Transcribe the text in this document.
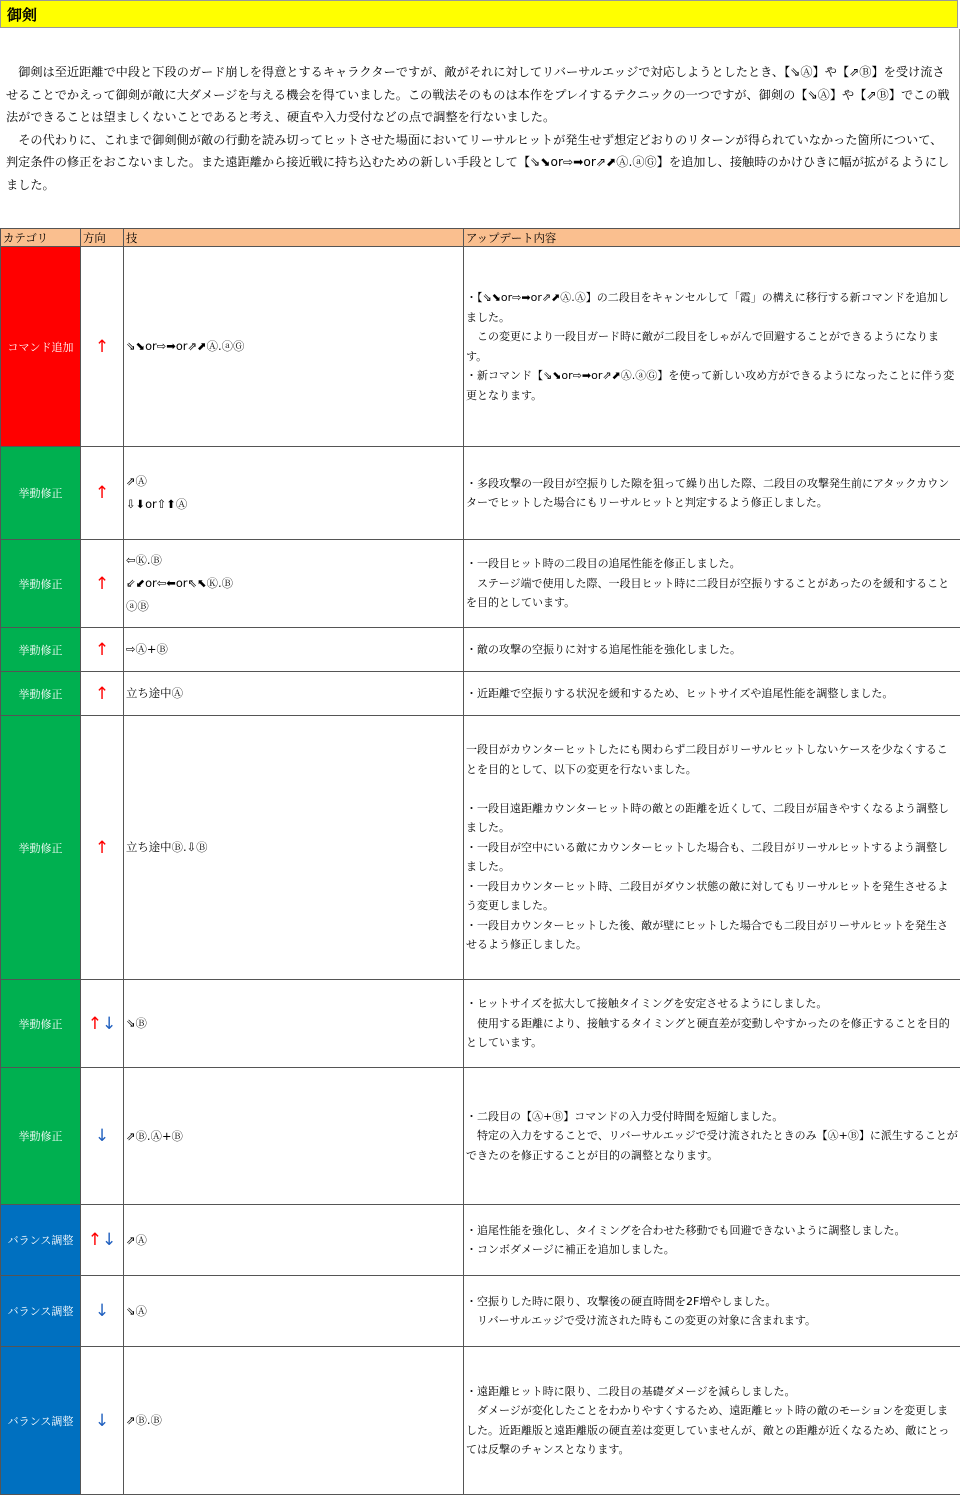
御剣

御剣は至近距離で中段と下段のガード崩しを得意とするキャラクターですが、敵がそれに対してリバーサルエッジで対応しようとしたとき、【⇘Ⓐ】や【⇗Ⓑ】を受け流させることでかえって御剣が敵に大ダメージを与える機会を得ていました。この戦法そのものは本作をプレイするテクニックの一つですが、御剣の【⇘Ⓐ】や【⇗Ⓑ】でこの戦法ができることは望ましくないことであると考え、硬直や入力受付などの点で調整を行ないました。

その代わりに、これまで御剣側が敵の行動を読み切ってヒットさせた場面においてリーサルヒットが発生せず想定どおりのリターンが得られていなかった箇所について、判定条件の修正をおこないました。また遠距離から接近戦に持ち込むための新しい手段として【⇘⬊or⇨➡or⇗⬈Ⓐ.ⓐⒼ】を追加し、接触時のかけひきに幅が拡がるようにしました。

カテゴリ	方向	技	アップデート内容
コマンド追加	↑	⇘⬊or⇨➡or⇗⬈Ⓐ.ⓐⒼ	・【⇘⬊or⇨➡or⇗⬈Ⓐ.Ⓐ】の二段目をキャンセルして「霞」の構えに移行する新コマンドを追加しました。
　この変更により一段目ガード時に敵が二段目をしゃがんで回避することができるようになります。
・新コマンド【⇘⬊or⇨➡or⇗⬈Ⓐ.ⓐⒼ】を使って新しい攻め方ができるようになったことに伴う変更となります。

挙動修正	↑	⇗Ⓐ
⇩⬇or⇧⬆Ⓐ	・多段攻撃の一段目が空振りした隙を狙って繰り出した際、二段目の攻撃発生前にアタックカウンターでヒットした場合にもリーサルヒットと判定するよう修正しました。

挙動修正	↑	⇦Ⓚ.Ⓑ
⇙⬋or⇦⬅or⇖⬉Ⓚ.Ⓑ
ⓐⒷ	・一段目ヒット時の二段目の追尾性能を修正しました。
　ステージ端で使用した際、一段目ヒット時に二段目が空振りすることがあったのを緩和することを目的としています。

挙動修正	↑	⇨Ⓐ+Ⓑ	・敵の攻撃の空振りに対する追尾性能を強化しました。

挙動修正	↑	立ち途中Ⓐ	・近距離で空振りする状況を緩和するため、ヒットサイズや追尾性能を調整しました。

挙動修正	↑	立ち途中Ⓑ.⇩Ⓑ	一段目がカウンターヒットしたにも関わらず二段目がリーサルヒットしないケースを少なくすることを目的として、以下の変更を行ないました。

・一段目遠距離カウンターヒット時の敵との距離を近くして、二段目が届きやすくなるよう調整しました。
・一段目が空中にいる敵にカウンターヒットした場合も、二段目がリーサルヒットするよう調整しました。
・一段目カウンターヒット時、二段目がダウン状態の敵に対してもリーサルヒットを発生させるよう変更しました。
・一段目カウンターヒットした後、敵が壁にヒットした場合でも二段目がリーサルヒットを発生させるよう修正しました。

挙動修正	↑↓	⇘Ⓑ	・ヒットサイズを拡大して接触タイミングを安定させるようにしました。
　使用する距離により、接触するタイミングと硬直差が変動しやすかったのを修正することを目的としています。

挙動修正	↓	⇗Ⓑ.Ⓐ+Ⓑ	・二段目の【Ⓐ+Ⓑ】コマンドの入力受付時間を短縮しました。
　特定の入力をすることで、リバーサルエッジで受け流されたときのみ【Ⓐ+Ⓑ】に派生することができたのを修正することが目的の調整となります。

バランス調整	↑↓	⇗Ⓐ	・追尾性能を強化し、タイミングを合わせた移動でも回避できないように調整しました。
・コンボダメージに補正を追加しました。

バランス調整	↓	⇘Ⓐ	・空振りした時に限り、攻撃後の硬直時間を2F増やしました。
　リバーサルエッジで受け流された時もこの変更の対象に含まれます。

バランス調整	↓	⇗Ⓑ.Ⓑ	・遠距離ヒット時に限り、二段目の基礎ダメージを減らしました。
　ダメージが変化したことをわかりやすくするため、遠距離ヒット時の敵のモーションを変更しました。近距離版と遠距離版の硬直差は変更していませんが、敵との距離が近くなるため、敵にとっては反撃のチャンスとなります。
